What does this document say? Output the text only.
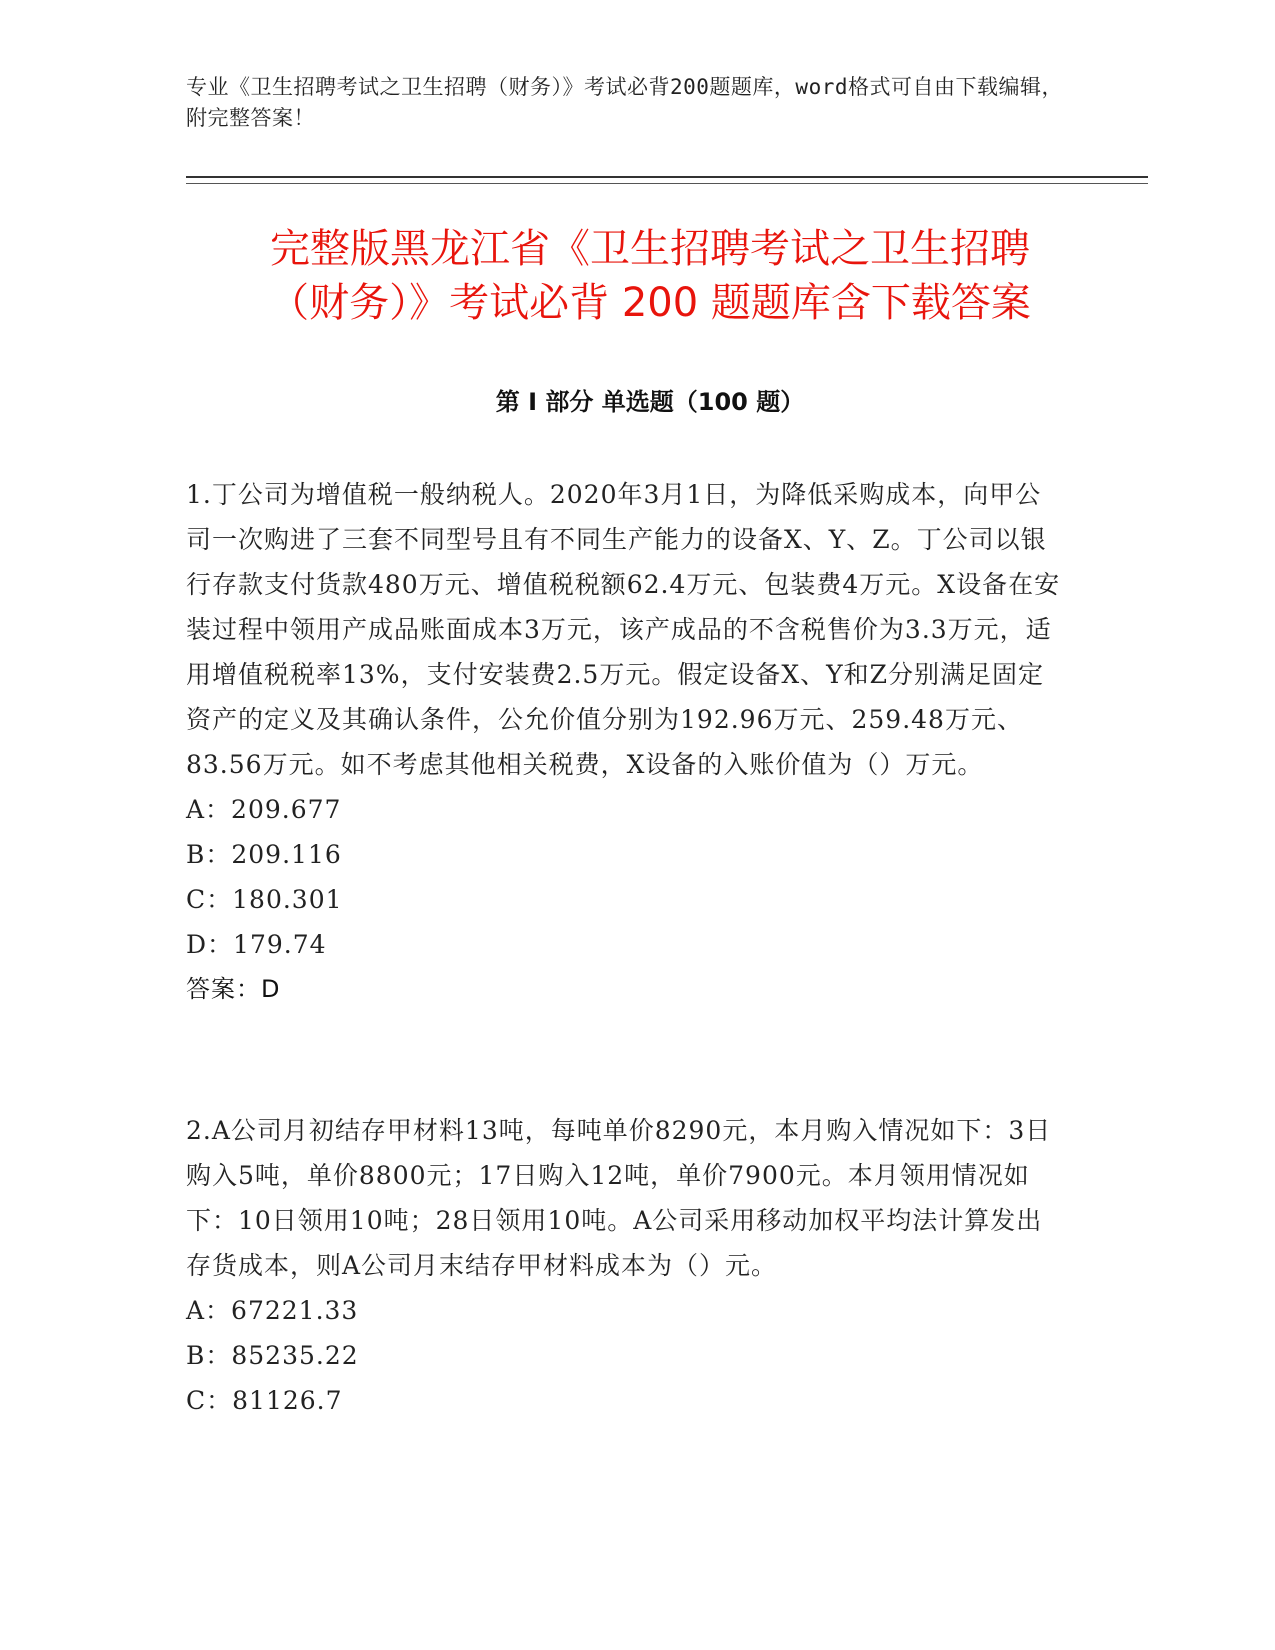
专业《卫生招聘考试之卫生招聘（财务）》考试必背200题题库，word格式可自由下载编辑，附完整答案！
完整版黑龙江省《卫生招聘考试之卫生招聘
（财务）》考试必背 200 题题库含下载答案
第 I 部分 单选题（100 题）

1.丁公司为增值税一般纳税人。2020年3月1日，为降低采购成本，向甲公司一次购进了三套不同型号且有不同生产能力的设备X、Y、Z。丁公司以银行存款支付货款480万元、增值税税额62.4万元、包装费4万元。X设备在安装过程中领用产成品账面成本3万元，该产成品的不含税售价为3.3万元，适用增值税税率13%，支付安装费2.5万元。假定设备X、Y和Z分别满足固定资产的定义及其确认条件，公允价值分别为192.96万元、259.48万元、83.56万元。如不考虑其他相关税费，X设备的入账价值为（）万元。

A：209.677

B：209.116

C：180.301

D：179.74

答案：D

2.A公司月初结存甲材料13吨，每吨单价8290元，本月购入情况如下：3日购入5吨，单价8800元；17日购入12吨，单价7900元。本月领用情况如下：10日领用10吨；28日领用10吨。A公司采用移动加权平均法计算发出存货成本，则A公司月末结存甲材料成本为（）元。

A：67221.33

B：85235.22

C：81126.7
